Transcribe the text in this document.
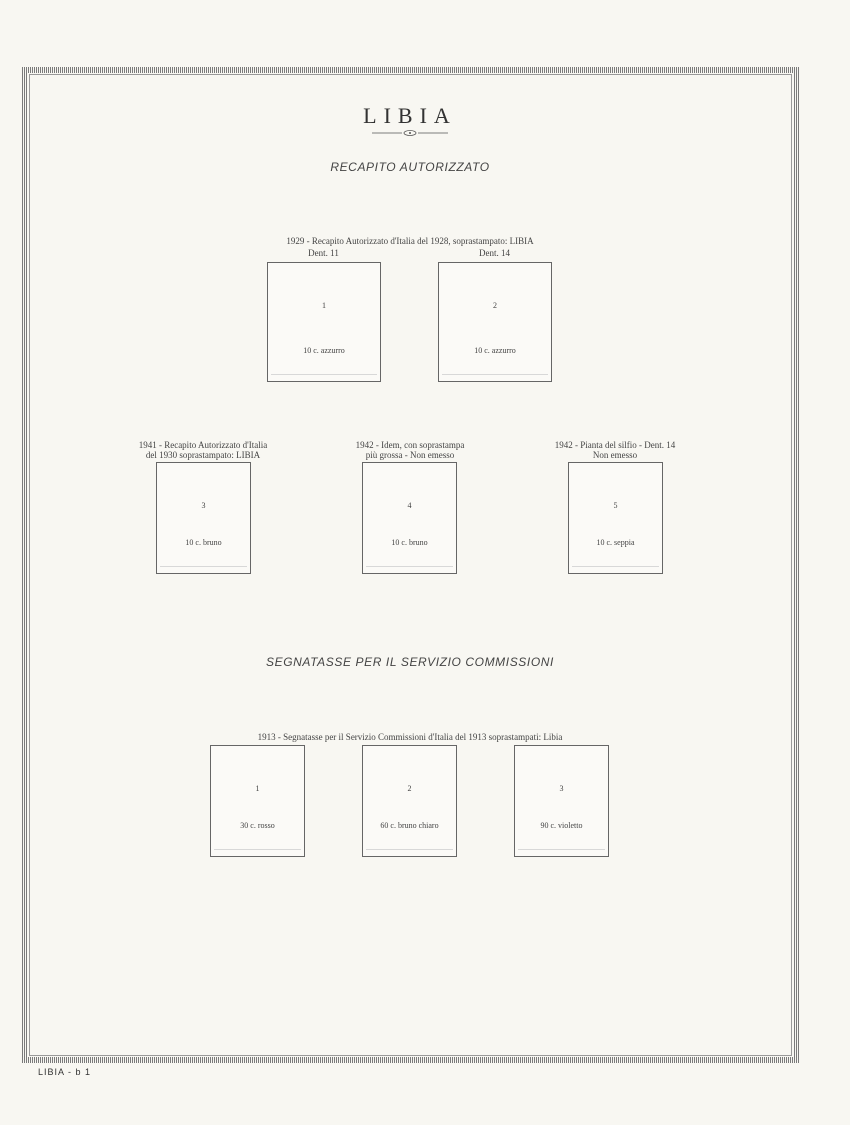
LIBIA
RECAPITO AUTORIZZATO
1929 - Recapito Autorizzato d'Italia del 1928, soprastampato: LIBIA
Dent. 11	Dent. 14
1
10 c. azzurro
2
10 c. azzurro
1941 - Recapito Autorizzato d'Italia
del 1930 soprastampato: LIBIA
1942 - Idem, con soprastampa
più grossa - Non emesso
1942 - Pianta del silfio - Dent. 14
Non emesso
3
10 c. bruno
4
10 c. bruno
5
10 c. seppia
SEGNATASSE PER IL SERVIZIO COMMISSIONI
1913 - Segnatasse per il Servizio Commissioni d'Italia del 1913 soprastampati: Libia
1
30 c. rosso
2
60 c. bruno chiaro
3
90 c. violetto
LIBIA - b 1
